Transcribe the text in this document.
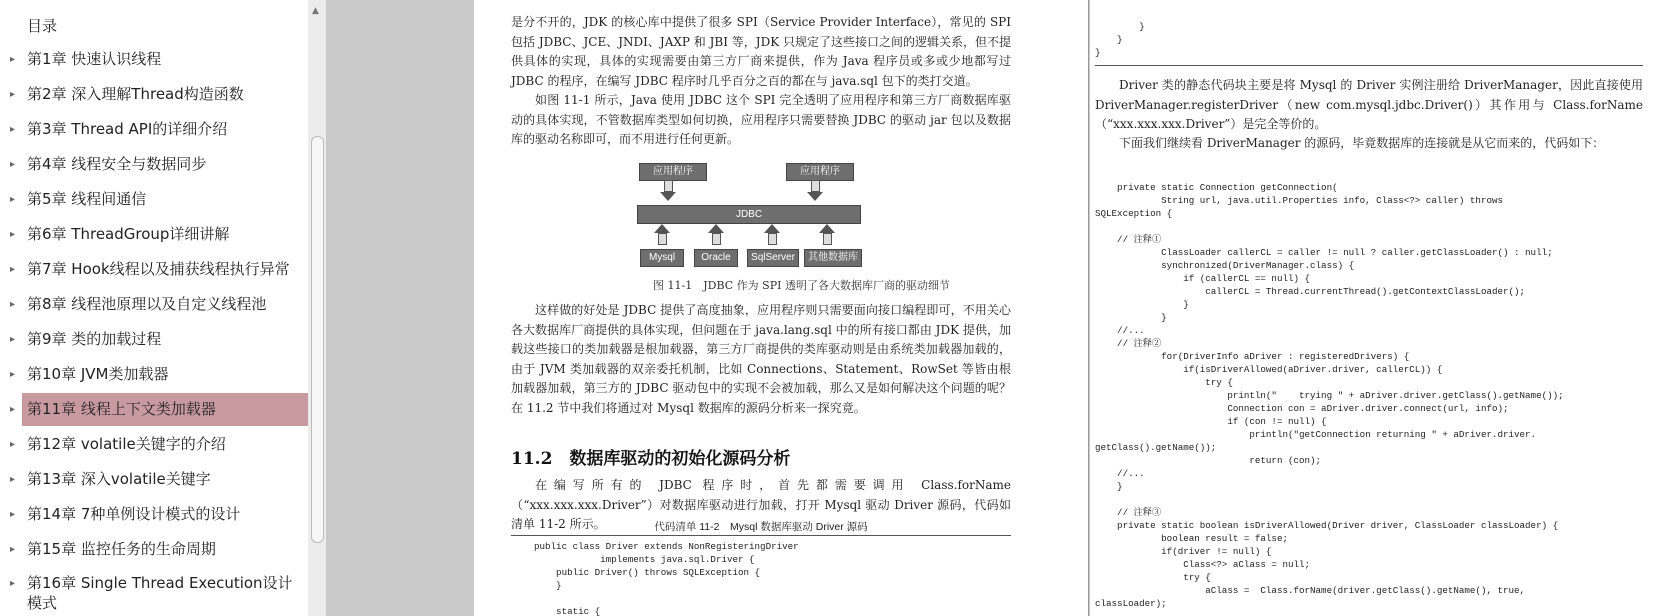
目录
▸ 第1章 快速认识线程
▸ 第2章 深入理解Thread构造函数
▸ 第3章 Thread API的详细介绍
▸ 第4章 线程安全与数据同步
▸ 第5章 线程间通信
▸ 第6章 ThreadGroup详细讲解
▸ 第7章 Hook线程以及捕获线程执行异常
▸ 第8章 线程池原理以及自定义线程池
▸ 第9章 类的加载过程
▸ 第10章 JVM类加载器
▸ 第11章 线程上下文类加载器
▸ 第12章 volatile关键字的介绍
▸ 第13章 深入volatile关键字
▸ 第14章 7种单例设计模式的设计
▸ 第15章 监控任务的生命周期
▸ 第16章 Single Thread Execution设计模式
▲
是分不开的，JDK 的核心库中提供了很多 SPI（Service Provider Interface），常见的 SPI 包括 JDBC、JCE、JNDI、JAXP 和 JBI 等，JDK 只规定了这些接口之间的逻辑关系，但不提供具体的实现，具体的实现需要由第三方厂商来提供，作为 Java 程序员或多或少地都写过 JDBC 的程序，在编写 JDBC 程序时几乎百分之百的都在与 java.sql 包下的类打交道。
如图 11-1 所示，Java 使用 JDBC 这个 SPI 完全透明了应用程序和第三方厂商数据库驱动的具体实现，不管数据库类型如何切换，应用程序只需要替换 JDBC 的驱动 jar 包以及数据库的驱动名称即可，而不用进行任何更新。
应用程序	应用程序
JDBC
Mysql	Oracle	SqlServer	其他数据库
图 11-1　JDBC 作为 SPI 透明了各大数据库厂商的驱动细节
这样做的好处是 JDBC 提供了高度抽象，应用程序则只需要面向接口编程即可，不用关心各大数据库厂商提供的具体实现，但问题在于 java.lang.sql 中的所有接口都由 JDK 提供，加载这些接口的类加载器是根加载器，第三方厂商提供的类库驱动则是由系统类加载器加载的，由于 JVM 类加载器的双亲委托机制，比如 Connections、Statement、RowSet 等皆由根加载器加载，第三方的 JDBC 驱动包中的实现不会被加载，那么又是如何解决这个问题的呢？在 11.2 节中我们将通过对 Mysql 数据库的源码分析来一探究竟。
11.2　数据库驱动的初始化源码分析
在编写所有的 JDBC 程序时，首先都需要调用 Class.forName（“xxx.xxx.xxx.Driver”）对数据库驱动进行加载，打开 Mysql 驱动 Driver 源码，代码如清单 11-2 所示。	代码清单 11-2　Mysql 数据库驱动 Driver 源码
public class Driver extends NonRegisteringDriver
implements java.sql.Driver {
public Driver() throws SQLException {
}

static {
}
}
}
Driver 类的静态代码块主要是将 Mysql 的 Driver 实例注册给 DriverManager，因此直接使用 DriverManager.registerDriver（new com.mysql.jdbc.Driver()）其作用与 Class.forName（“xxx.xxx.xxx.Driver”）是完全等价的。
下面我们继续看 DriverManager 的源码，毕竟数据库的连接就是从它而来的，代码如下：
private static Connection getConnection(
String url, java.util.Properties info, Class<?> caller) throws
SQLException {

// 注释①
ClassLoader callerCL = caller != null ? caller.getClassLoader() : null;
synchronized(DriverManager.class) {
if (callerCL == null) {
callerCL = Thread.currentThread().getContextClassLoader();
}
}
//...
// 注释②
for(DriverInfo aDriver : registeredDrivers) {
if(isDriverAllowed(aDriver.driver, callerCL)) {
try {
println("    trying " + aDriver.driver.getClass().getName());
Connection con = aDriver.driver.connect(url, info);
if (con != null) {
println("getConnection returning " + aDriver.driver.
getClass().getName());
return (con);
//...
}

// 注释③
private static boolean isDriverAllowed(Driver driver, ClassLoader classLoader) {
boolean result = false;
if(driver != null) {
Class<?> aClass = null;
try {
aClass =  Class.forName(driver.getClass().getName(), true,
classLoader);
